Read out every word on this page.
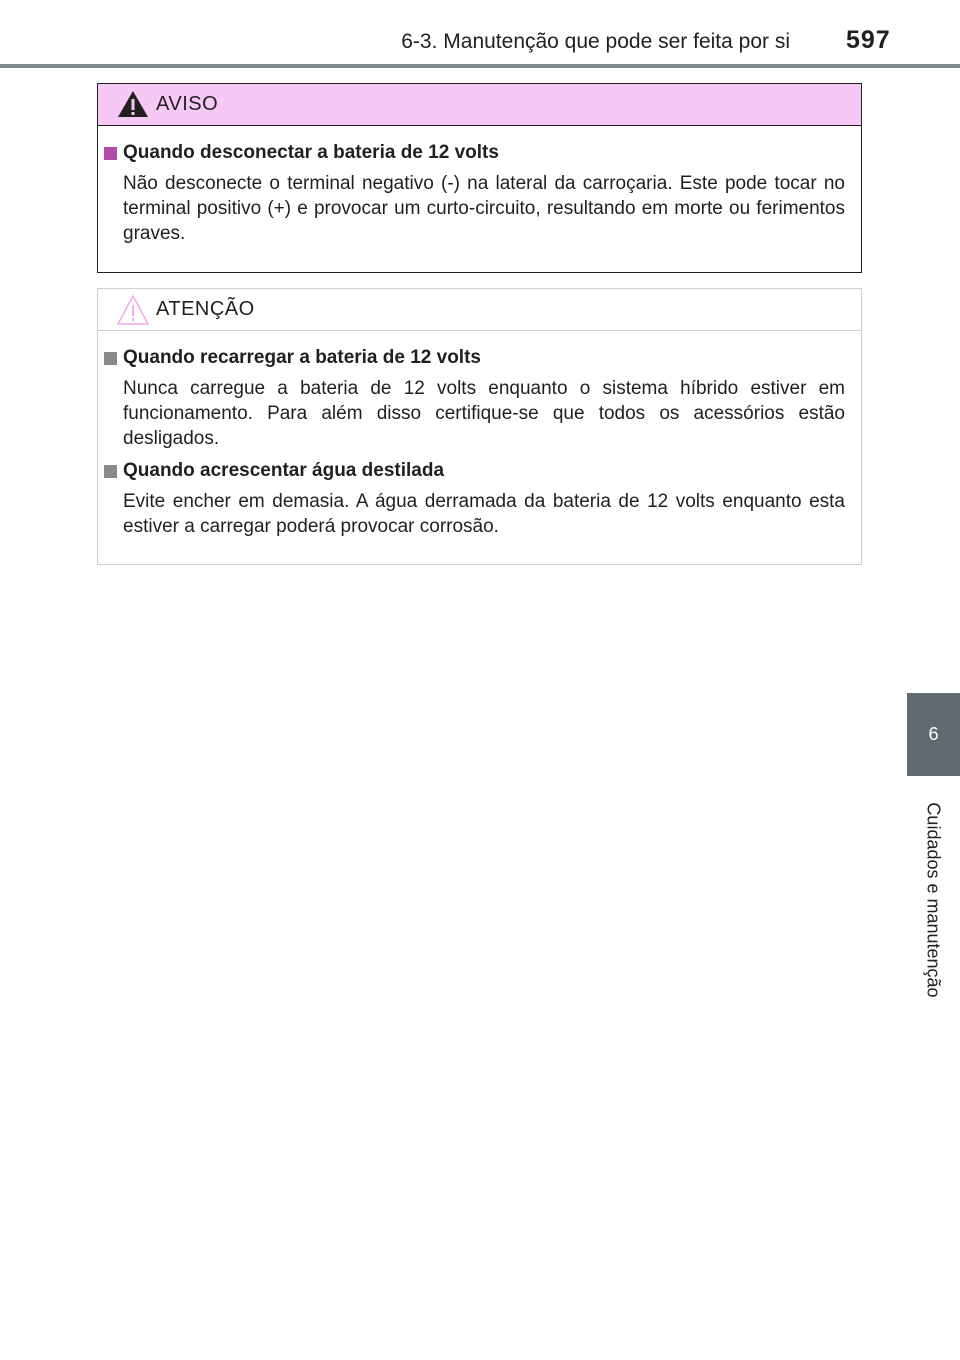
6-3. Manutenção que pode ser feita por si 597
6
Cuidados e manutenção
AVISO
Quando desconectar a bateria de 12 volts
Não desconecte o terminal negativo (-) na lateral da carroçaria. Este pode tocar no terminal positivo (+) e provocar um curto-circuito, resultando em morte ou ferimentos graves.
ATENÇÃO
Quando recarregar a bateria de 12 volts
Nunca carregue a bateria de 12 volts enquanto o sistema híbrido estiver em funcionamento. Para além disso certifique-se que todos os acessórios estão desligados.
Quando acrescentar água destilada
Evite encher em demasia. A água derramada da bateria de 12 volts enquanto esta estiver a carregar poderá provocar corrosão.
